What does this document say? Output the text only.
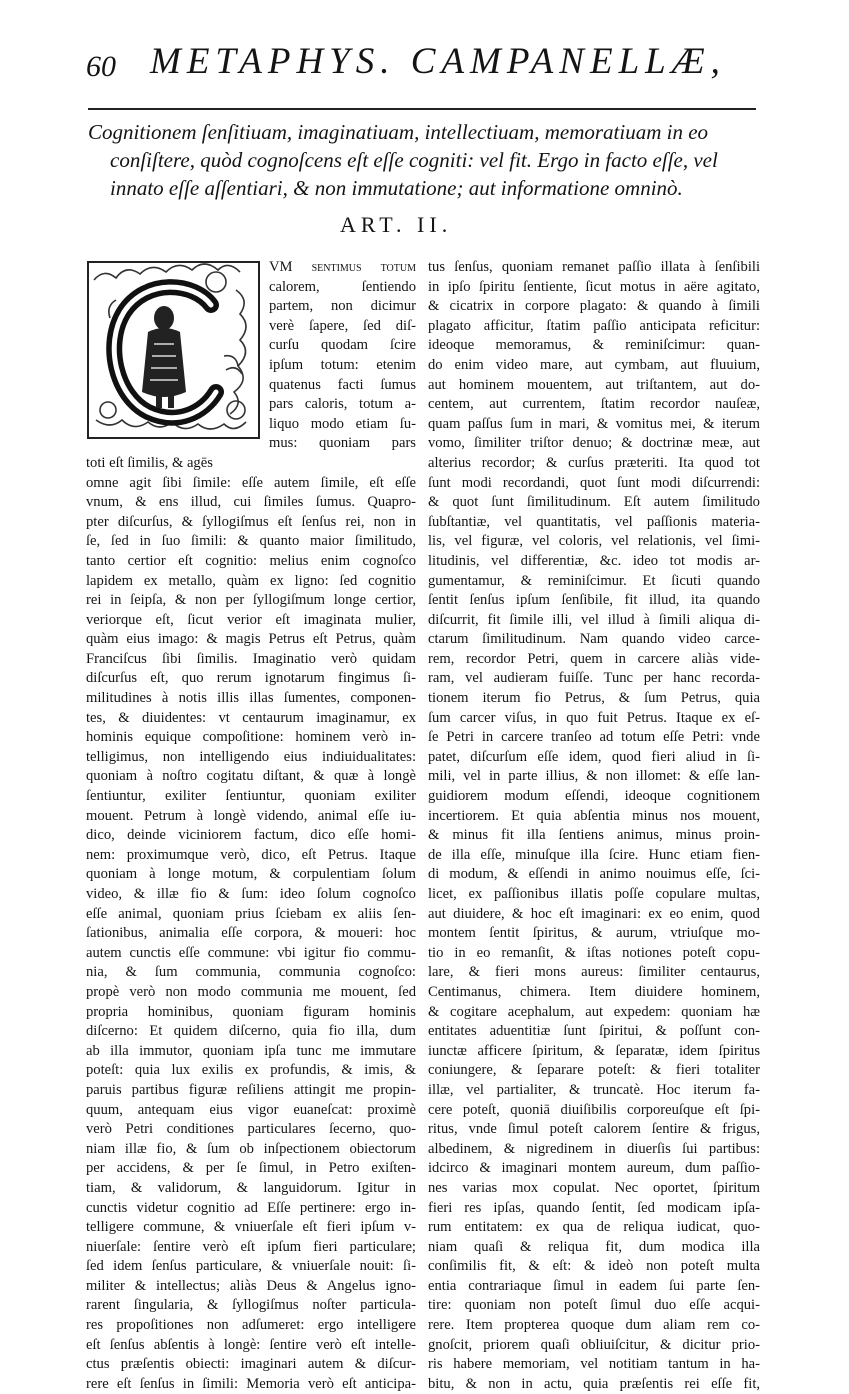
60 METAPHYS. CAMPANELLÆ,

Cognitionem ſenſitiuam, imaginatiuam, intellectiuam, memoratiuam in eo conſiſtere, quòd cognoſcens eſt eſſe cogniti: vel fit. Ergo in facto eſſe, vel innato eſſe aſſentiari, & non immutatione; aut informatione omninò.

ART. II.
VM ſentimus totum
calorem, ſentiendo
partem, non dicimur
verè ſapere, ſed diſ-
curſu quodam ſcire
ipſum totum: etenim
quatenus facti ſumus
pars caloris, totum a-
liquo modo etiam ſu-
mus: quoniam pars
toti eſt ſimilis, & agēs
omne agit ſibi ſimile: eſſe autem ſimile, eſt eſſe
vnum, & ens illud, cui ſimiles ſumus. Quapro-
pter diſcurſus, & ſyllogiſmus eſt ſenſus rei, non in
ſe, ſed in ſuo ſimili: & quanto maior ſimilitudo,
tanto certior eſt cognitio: melius enim cognoſco
lapidem ex metallo, quàm ex ligno: ſed cognitio
rei in ſeipſa, & non per ſyllogiſmum longe certior,
veriorque eſt, ſicut verior eſt imaginata mulier,
quàm eius imago: & magis Petrus eſt Petrus, quàm
Franciſcus ſibi ſimilis. Imaginatio verò quidam
diſcurſus eſt, quo rerum ignotarum fingimus ſi-
militudines à notis illis illas ſumentes, componen-
tes, & diuidentes: vt centaurum imaginamur, ex
hominis equique compoſitione: hominem verò in-
telligimus, non intelligendo eius indiuidualitates:
quoniam à noſtro cogitatu diſtant, & quæ à longè
ſentiuntur, exiliter ſentiuntur, quoniam exiliter
mouent. Petrum à longè videndo, animal eſſe iu-
dico, deinde viciniorem factum, dico eſſe homi-
nem: proximumque verò, dico, eſt Petrus. Itaque
quoniam à longe motum, & corpulentiam ſolum
video, & illæ fio & ſum: ideo ſolum cognoſco
eſſe animal, quoniam prius ſciebam ex aliis ſen-
ſationibus, animalia eſſe corpora, & moueri: hoc
autem cunctis eſſe commune: vbi igitur fio commu-
nia, & ſum communia, communia cognoſco:
propè verò non modo communia me mouent, ſed
propria hominibus, quoniam figuram hominis
diſcerno: Et quidem diſcerno, quia fio illa, dum
ab illa immutor, quoniam ipſa tunc me immutare
poteſt: quia lux exilis ex profundis, & imis, &
paruis partibus figuræ reſiliens attingit me propin-
quum, antequam eius vigor euaneſcat: proximè
verò Petri conditiones particulares ſecerno, quo-
niam illæ fio, & ſum ob inſpectionem obiectorum
per accidens, & per ſe ſimul, in Petro exiſten-
tiam, & validorum, & languidorum. Igitur in
cunctis videtur cognitio ad Eſſe pertinere: ergo in-
telligere commune, & vniuerſale eſt fieri ipſum v-
niuerſale: ſentire verò eſt ipſum fieri particulare;
ſed idem ſenſus particulare, & vniuerſale nouit: ſi-
militer & intellectus; aliàs Deus & Angelus igno-
rarent ſingularia, & ſyllogiſmus noſter particula-
res propoſitiones non adſumeret: ergo intelligere
eſt ſenſus abſentis à longè: ſentire verò eſt intelle-
ctus præſentis obiecti: imaginari autem & diſcur-
rere eſt ſenſus in ſimili: Memoria verò eſt anticipa-
tus ſenſus, quoniam remanet paſſio illata à ſenſibili
in ipſo ſpiritu ſentiente, ſicut motus in aëre agitato,
& cicatrix in corpore plagato: & quando à ſimili
plagato afficitur, ſtatim paſſio anticipata reficitur:
ideoque memoramus, & reminiſcimur: quan-
do enim video mare, aut cymbam, aut fluuium,
aut hominem mouentem, aut triſtantem, aut do-
centem, aut currentem, ſtatim recordor nauſeæ,
quam paſſus ſum in mari, & vomitus mei, & iterum
vomo, ſimiliter triſtor denuo; & doctrinæ meæ, aut
alterius recordor; & curſus præteriti. Ita quod tot
ſunt modi recordandi, quot ſunt modi diſcurrendi:
& quot ſunt ſimilitudinum. Eſt autem ſimilitudo
ſubſtantiæ, vel quantitatis, vel paſſionis materia-
lis, vel figuræ, vel coloris, vel relationis, vel ſimi-
litudinis, vel differentiæ, &c. ideo tot modis ar-
gumentamur, & reminiſcimur. Et ſicuti quando
ſentit ſenſus ipſum ſenſibile, fit illud, ita quando
diſcurrit, fit ſimile illi, vel illud à ſimili aliqua di-
ctarum ſimilitudinum. Nam quando video carce-
rem, recordor Petri, quem in carcere aliàs vide-
ram, vel audieram fuiſſe. Tunc per hanc recorda-
tionem iterum fio Petrus, & ſum Petrus, quia
ſum carcer viſus, in quo fuit Petrus. Itaque ex eſ-
ſe Petri in carcere tranſeo ad totum eſſe Petri: vnde
patet, diſcurſum eſſe idem, quod fieri aliud in ſi-
mili, vel in parte illius, & non illomet: & eſſe lan-
guidiorem modum eſſendi, ideoque cognitionem
incertiorem. Et quia abſentia minus nos mouent,
& minus fit illa ſentiens animus, minus proin-
de illa eſſe, minuſque illa ſcire. Hunc etiam fien-
di modum, & eſſendi in animo nouimus eſſe, ſci-
licet, ex paſſionibus illatis poſſe copulare multas,
aut diuidere, & hoc eſt imaginari: ex eo enim, quod
montem ſentit ſpiritus, & aurum, vtriuſque mo-
tio in eo remanſit, & iſtas notiones poteſt copu-
lare, & fieri mons aureus: ſimiliter centaurus,
Centimanus, chimera. Item diuidere hominem,
& cogitare acephalum, aut expedem: quoniam hæ
entitates aduentitiæ ſunt ſpiritui, & poſſunt con-
iunctæ afficere ſpiritum, & ſeparatæ, idem ſpiritus
coniungere, & ſeparare poteſt: & fieri totaliter
illæ, vel partialiter, & truncatè. Hoc iterum fa-
cere poteſt, quoniā diuiſibilis corporeuſque eſt ſpi-
ritus, vnde ſimul poteſt calorem ſentire & frigus,
albedinem, & nigredinem in diuerſis ſui partibus:
idcirco & imaginari montem aureum, dum paſſio-
nes varias mox copulat. Nec oportet, ſpiritum
fieri res ipſas, quando ſentit, ſed modicam ipſa-
rum entitatem: ex qua de reliqua iudicat, quo-
niam quaſi & reliqua fit, dum modica illa
conſimilis fit, & eſt: & ideò non poteſt multa
entia contrariaque ſimul in eadem ſui parte ſen-
tire: quoniam non poteſt ſimul duo eſſe acqui-
rere. Item propterea quoque dum aliam rem co-
gnoſcit, priorem quaſi obliuiſcitur, & dicitur prio-
ris habere memoriam, vel notitiam tantum in ha-
bitu, & non in actu, quia præſentis rei eſſe fit,
